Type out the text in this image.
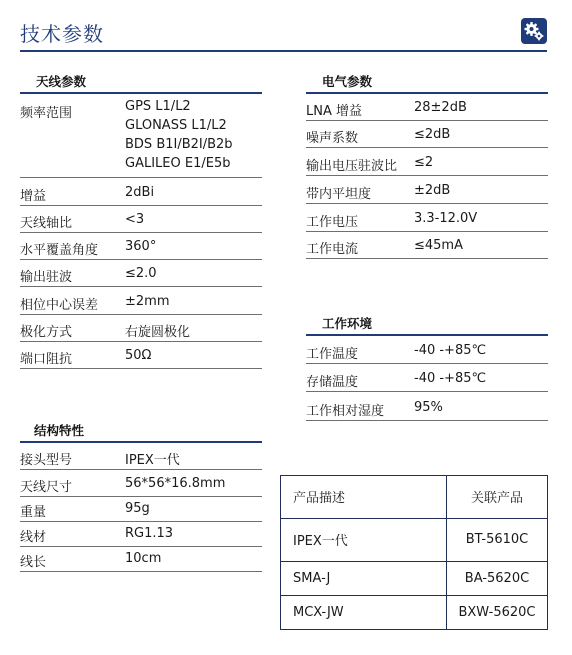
技术参数
天线参数
频率范围	GPS L1/L2
GLONASS L1/L2
BDS B1I/B2I/B2b
GALILEO E1/E5b
增益	2dBi
天线轴比	<3
水平覆盖角度 360°
输出驻波	≤2.0
相位中心误差 ±2mm
极化方式	右旋圆极化
端口阻抗	50Ω
电气参数
LNA 增益	28±2dB
噪声系数	≤2dB
输出电压驻波比 ≤2
带内平坦度	±2dB
工作电压	3.3-12.0V
工作电流	≤45mA
工作环境
工作温度	-40 -+85℃
存储温度	-40 -+85℃
工作相对湿度 95%
结构特性
接头型号	IPEX一代
天线尺寸	56*56*16.8mm
重量	95g
线材	RG1.13
线长	10cm
产品描述	关联产品
IPEX一代	BT-5610C
SMA-J	BA-5620C
MCX-JW	BXW-5620C
